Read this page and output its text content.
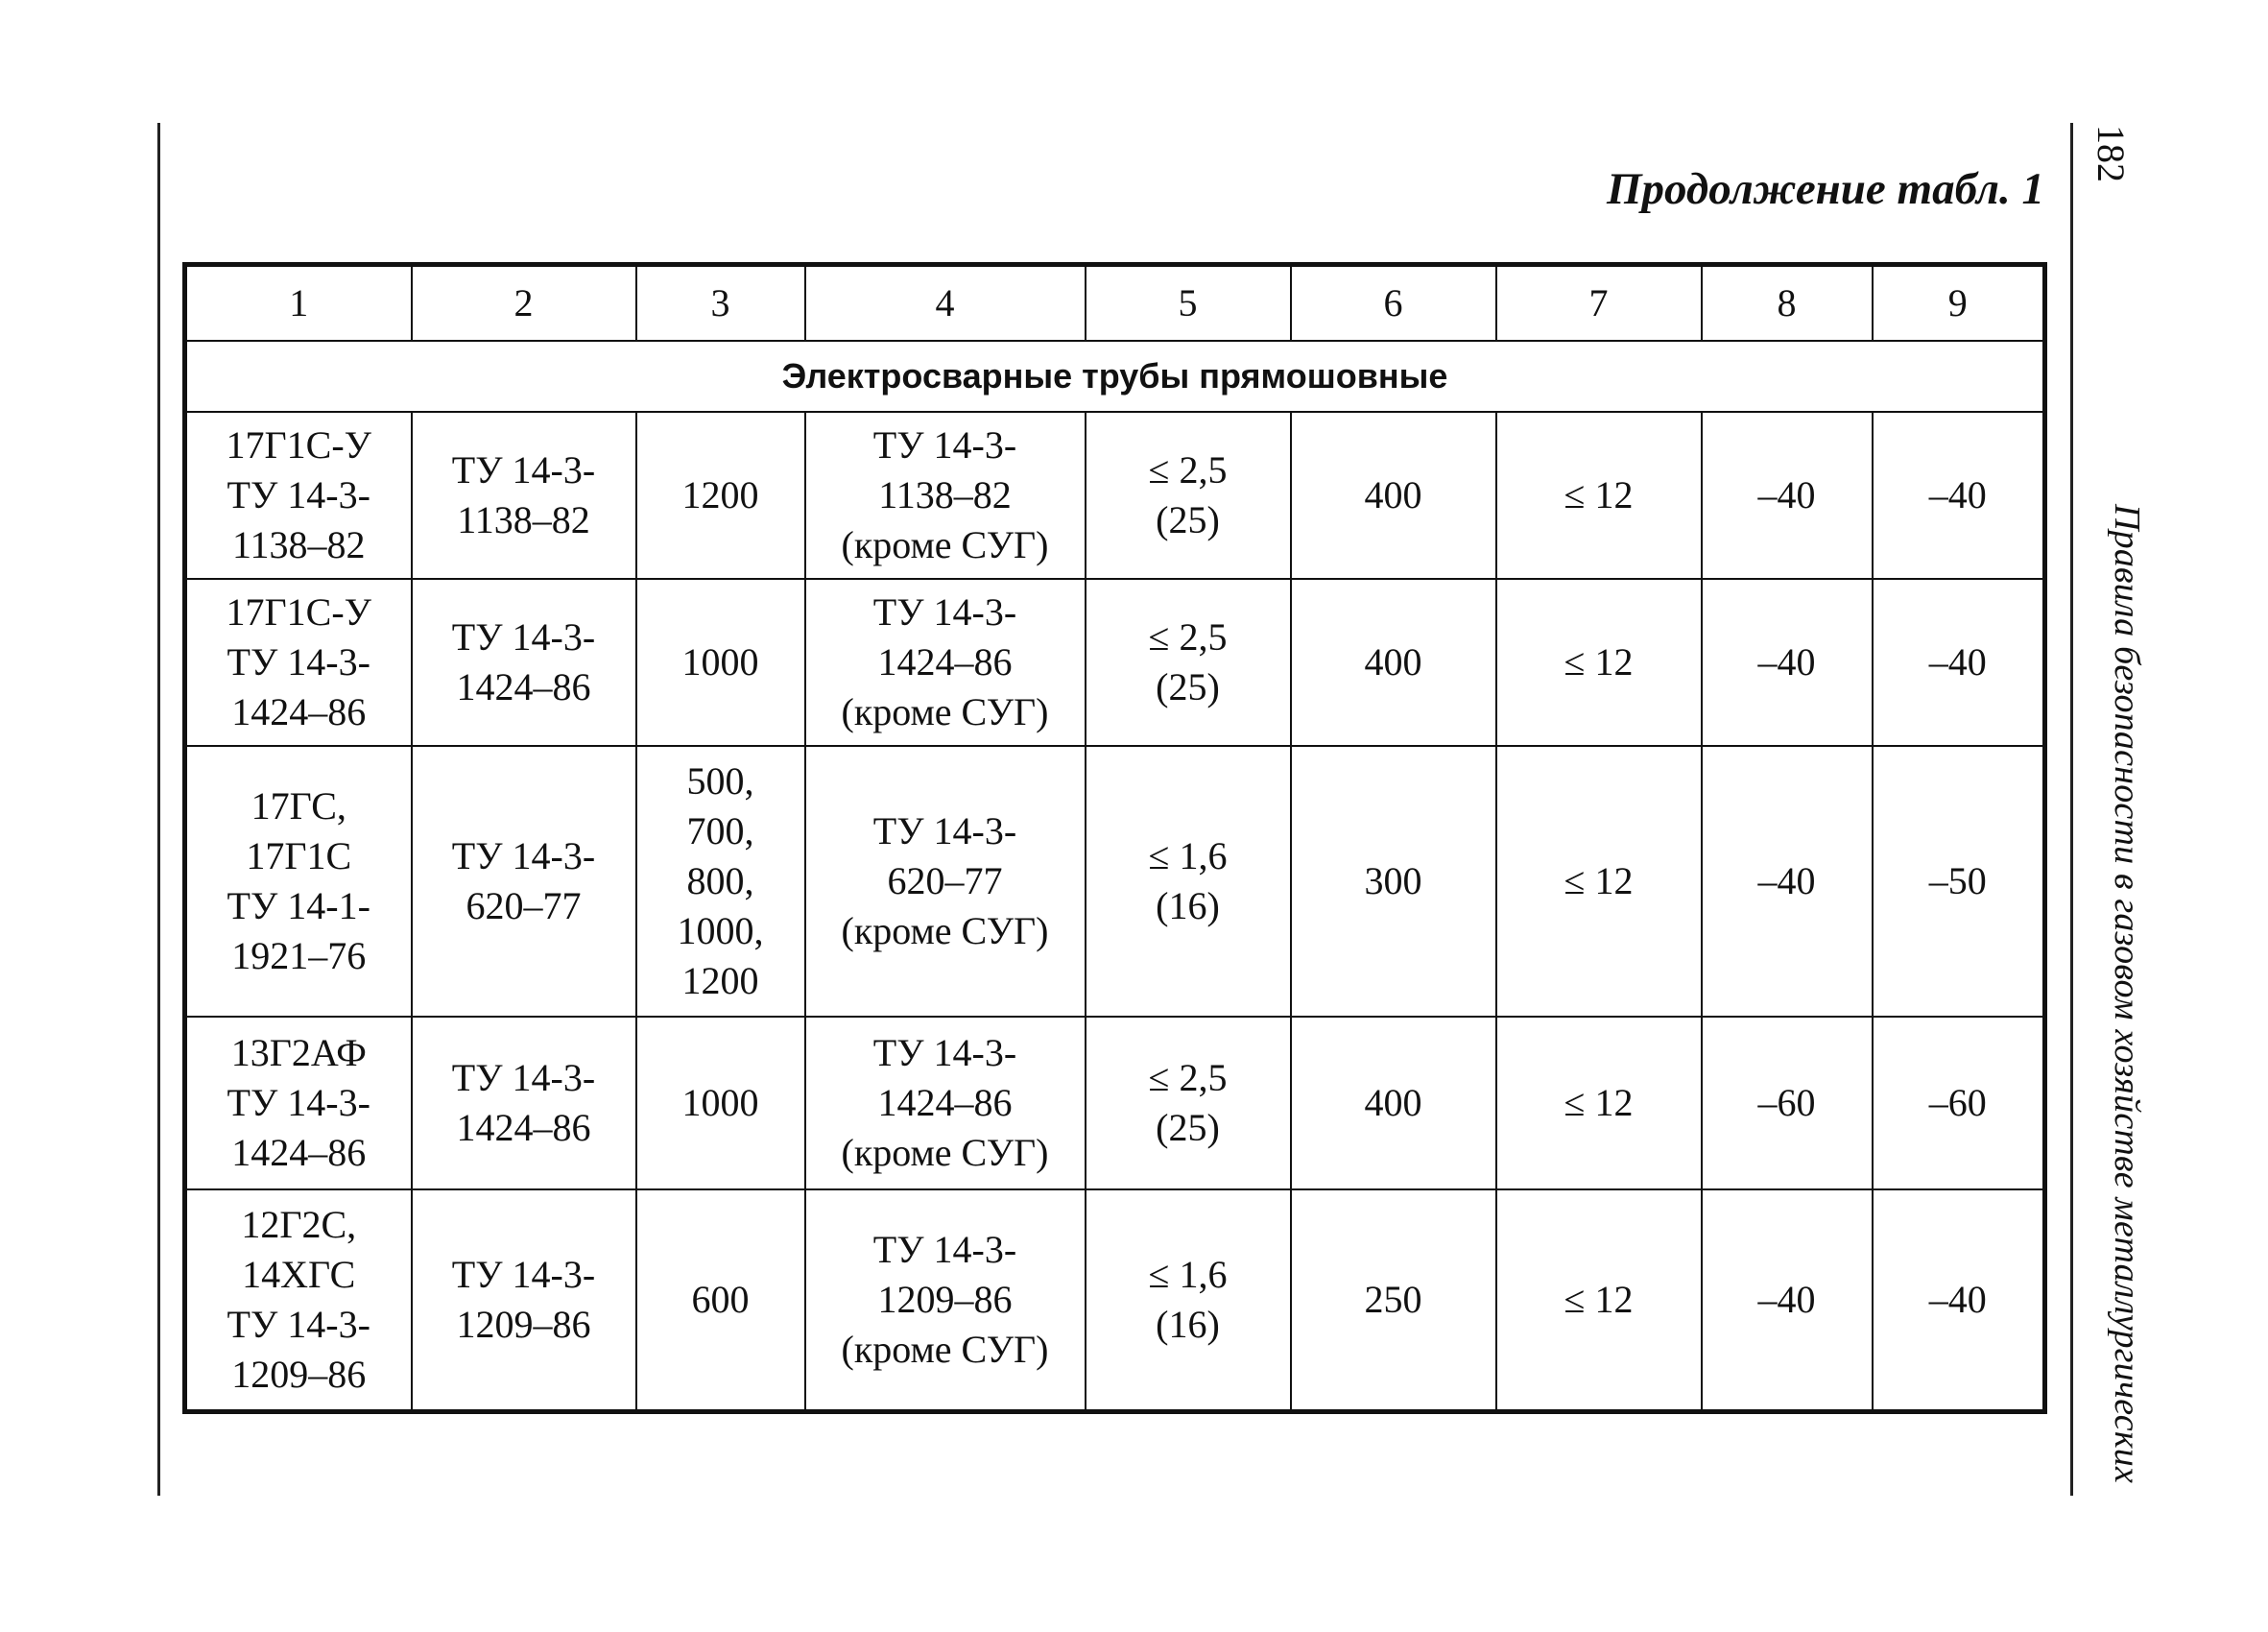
182
Правила безопасности в газовом хозяйстве металлургических
Продолжение табл. 1
1	2	3	4	5	6	7	8	9
Электросварные трубы прямошовные								

17Г1С-У
ТУ 14-3-
1138–82	ТУ 14-3-
1138–82	1200	ТУ 14-3-
1138–82
(кроме СУГ)	≤ 2,5
(25)	400	≤ 12	–40	–40

17Г1С-У
ТУ 14-3-
1424–86	ТУ 14-3-
1424–86	1000	ТУ 14-3-
1424–86
(кроме СУГ)	≤ 2,5
(25)	400	≤ 12	–40	–40

17ГС,
17Г1С
ТУ 14-1-
1921–76	ТУ 14-3-
620–77	500,
700,
800,
1000,
1200	ТУ 14-3-
620–77
(кроме СУГ)	≤ 1,6
(16)	300	≤ 12	–40	–50

13Г2АФ
ТУ 14-3-
1424–86	ТУ 14-3-
1424–86	1000	ТУ 14-3-
1424–86
(кроме СУГ)	≤ 2,5
(25)	400	≤ 12	–60	–60

12Г2С,
14ХГС
ТУ 14-3-
1209–86	ТУ 14-3-
1209–86	600	ТУ 14-3-
1209–86
(кроме СУГ)	≤ 1,6
(16)	250	≤ 12	–40	–40
